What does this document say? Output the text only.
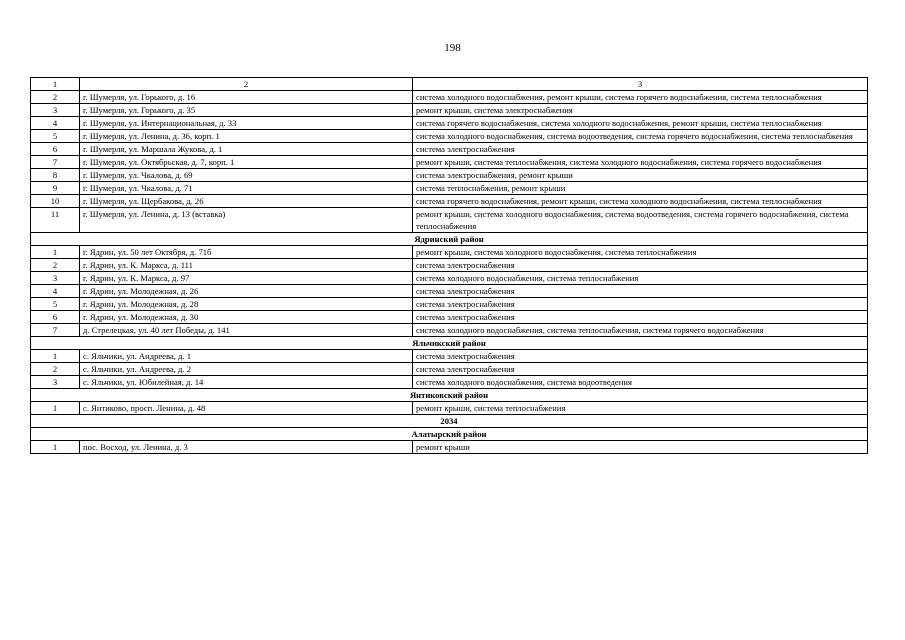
198
1	2	3
2	г. Шумерля, ул. Горького, д. 16	система холодного водоснабжения, ремонт крыши, система горячего водоснабжения, система теплоснабжения
3	г. Шумерля, ул. Горького, д. 35	ремонт крыши, система электроснабжения
4	г. Шумерля, ул. Интернациональная, д. 33	система горячего водоснабжения, система холодного водоснабжения, ремонт крыши, система теплоснабжения
5	г. Шумерля, ул. Ленина, д. 36, корп. 1	система холодного водоснабжения, система водоотведения, система горячего водоснабжения, система теплоснабжения
6	г. Шумерля, ул. Маршала Жукова, д. 1	система электроснабжения
7	г. Шумерля, ул. Октябрьская, д. 7, корп. 1	ремонт крыши, система теплоснабжения, система холодного водоснабжения, система горячего водоснабжения
8	г. Шумерля, ул. Чкалова, д. 69	система электроснабжения, ремонт крыши
9	г. Шумерля, ул. Чкалова, д. 71	система теплоснабжения, ремонт крыши
10	г. Шумерля, ул. Щербакова, д. 26	система горячего водоснабжения, ремонт крыши, система холодного водоснабжения, система теплоснабжения
11	г. Шумерля, ул. Ленина, д. 13 (вставка)	ремонт крыши, система холодного водоснабжения, система водоотведения, система горячего водоснабжения, система теплоснабжения
Ядринский район		
1	г. Ядрин, ул. 50 лет Октября, д. 71б	ремонт крыши, система холодного водоснабжения, система теплоснабжения
2	г. Ядрин, ул. К. Маркса, д. 111	система электроснабжения
3	г. Ядрин, ул. К. Маркса, д. 97	система холодного водоснабжения, система теплоснабжения
4	г. Ядрин, ул. Молодежная, д. 26	система электроснабжения
5	г. Ядрин, ул. Молодежная, д. 28	система электроснабжения
6	г. Ядрин, ул. Молодежная, д. 30	система электроснабжения
7	д. Стрелецкая, ул. 40 лет Победы, д. 141	система холодного водоснабжения, система теплоснабжения, система горячего водоснабжения
Яльчикский район		
1	с. Яльчики, ул. Андреева, д. 1	система электроснабжения
2	с. Яльчики, ул. Андреева, д. 2	система электроснабжения
3	с. Яльчики, ул. Юбилейная, д. 14	система холодного водоснабжения, система водоотведения
Янтиковский район		
1	с. Янтиково, просп. Ленина, д. 48	ремонт крыши, система теплоснабжения
2034		
Алатырский район		
1	пос. Восход, ул. Ленина, д. 3	ремонт крыши
